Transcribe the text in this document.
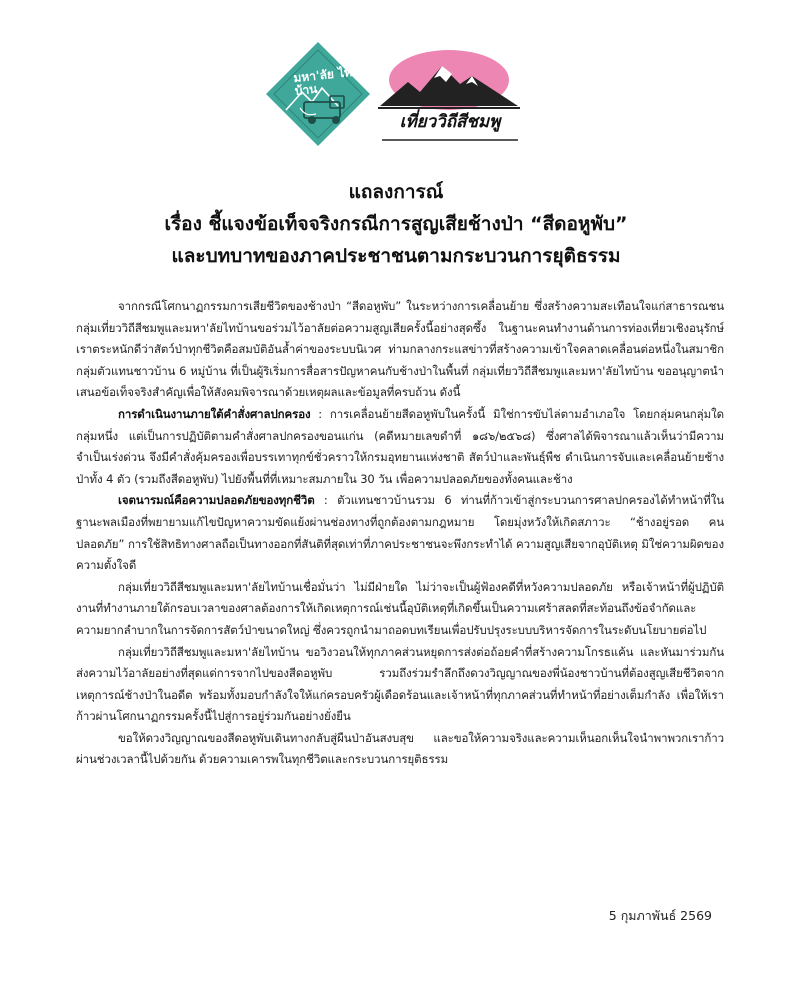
มหา'ลัย ไทบ้าน
เที่ยววิถีสีชมพู
แถลงการณ์
เรื่อง ชี้แจงข้อเท็จจริงกรณีการสูญเสียช้างป่า “สีดอหูพับ”
และบทบาทของภาคประชาชนตามกระบวนการยุติธรรม

จากกรณีโศกนาฏกรรมการเสียชีวิตของช้างป่า “สีดอหูพับ” ในระหว่างการเคลื่อนย้าย ซึ่งสร้างความสะเทือนใจแก่สาธารณชน กลุ่มเที่ยววิถีสีชมพูและมหา'ลัยไทบ้านขอร่วมไว้อาลัยต่อความสูญเสียครั้งนี้อย่างสุดซึ้ง ในฐานะคนทำงานด้านการท่องเที่ยวเชิงอนุรักษ์ เราตระหนักดีว่าสัตว์ป่าทุกชีวิตคือสมบัติอันล้ำค่าของระบบนิเวศ ท่ามกลางกระแสข่าวที่สร้างความเข้าใจคลาดเคลื่อนต่อหนึ่งในสมาชิกกลุ่มตัวแทนชาวบ้าน 6 หมู่บ้าน ที่เป็นผู้ริเริ่มการสื่อสารปัญหาคนกับช้างป่าในพื้นที่ กลุ่มเที่ยววิถีสีชมพูและมหา'ลัยไทบ้าน ขออนุญาตนำเสนอข้อเท็จจริงสำคัญเพื่อให้สังคมพิจารณาด้วยเหตุผลและข้อมูลที่ครบถ้วน ดังนี้

การดำเนินงานภายใต้คำสั่งศาลปกครอง : การเคลื่อนย้ายสีดอหูพับในครั้งนี้ มิใช่การขับไล่ตามอำเภอใจ โดยกลุ่มคนกลุ่มใดกลุ่มหนึ่ง แต่เป็นการปฏิบัติตามคำสั่งศาลปกครองขอนแก่น (คดีหมายเลขดำที่ ๑๘๖/๒๕๖๘) ซึ่งศาลได้พิจารณาแล้วเห็นว่ามีความจำเป็นเร่งด่วน จึงมีคำสั่งคุ้มครองเพื่อบรรเทาทุกข์ชั่วคราวให้กรมอุทยานแห่งชาติ สัตว์ป่าและพันธุ์พืช ดำเนินการจับและเคลื่อนย้ายช้างป่าทั้ง 4 ตัว (รวมถึงสีดอหูพับ) ไปยังพื้นที่ที่เหมาะสมภายใน 30 วัน เพื่อความปลอดภัยของทั้งคนและช้าง

เจตนารมณ์คือความปลอดภัยของทุกชีวิต : ตัวแทนชาวบ้านรวม 6 ท่านที่ก้าวเข้าสู่กระบวนการศาลปกครองได้ทำหน้าที่ในฐานะพลเมืองที่พยายามแก้ไขปัญหาความขัดแย้งผ่านช่องทางที่ถูกต้องตามกฎหมาย โดยมุ่งหวังให้เกิดสภาวะ “ช้างอยู่รอด คนปลอดภัย” การใช้สิทธิทางศาลถือเป็นทางออกที่สันติที่สุดเท่าที่ภาคประชาชนจะพึงกระทำได้ ความสูญเสียจากอุบัติเหตุ มิใช่ความผิดของความตั้งใจดี

กลุ่มเที่ยววิถีสีชมพูและมหา'ลัยไทบ้านเชื่อมั่นว่า ไม่มีฝ่ายใด ไม่ว่าจะเป็นผู้ฟ้องคดีที่หวังความปลอดภัย หรือเจ้าหน้าที่ผู้ปฏิบัติงานที่ทำงานภายใต้กรอบเวลาของศาลต้องการให้เกิดเหตุการณ์เช่นนี้อุบัติเหตุที่เกิดขึ้นเป็นความเศร้าสลดที่สะท้อนถึงข้อจำกัดและความยากลำบากในการจัดการสัตว์ป่าขนาดใหญ่ ซึ่งควรถูกนำมาถอดบทเรียนเพื่อปรับปรุงระบบบริหารจัดการในระดับนโยบายต่อไป

กลุ่มเที่ยววิถีสีชมพูและมหา'ลัยไทบ้าน ขอวิงวอนให้ทุกภาคส่วนหยุดการส่งต่อถ้อยคำที่สร้างความโกรธแค้น และหันมาร่วมกันส่งความไว้อาลัยอย่างที่สุดแด่การจากไปของสีดอหูพับ รวมถึงร่วมรำลึกถึงดวงวิญญาณของพี่น้องชาวบ้านที่ต้องสูญเสียชีวิตจากเหตุการณ์ช้างป่าในอดีต พร้อมทั้งมอบกำลังใจให้แก่ครอบครัวผู้เดือดร้อนและเจ้าหน้าที่ทุกภาคส่วนที่ทำหน้าที่อย่างเต็มกำลัง เพื่อให้เราก้าวผ่านโศกนาฏกรรมครั้งนี้ไปสู่การอยู่ร่วมกันอย่างยั่งยืน

ขอให้ดวงวิญญาณของสีดอหูพับเดินทางกลับสู่ผืนป่าอันสงบสุข และขอให้ความจริงและความเห็นอกเห็นใจนำพาพวกเราก้าวผ่านช่วงเวลานี้ไปด้วยกัน ด้วยความเคารพในทุกชีวิตและกระบวนการยุติธรรม

5 กุมภาพันธ์ 2569
